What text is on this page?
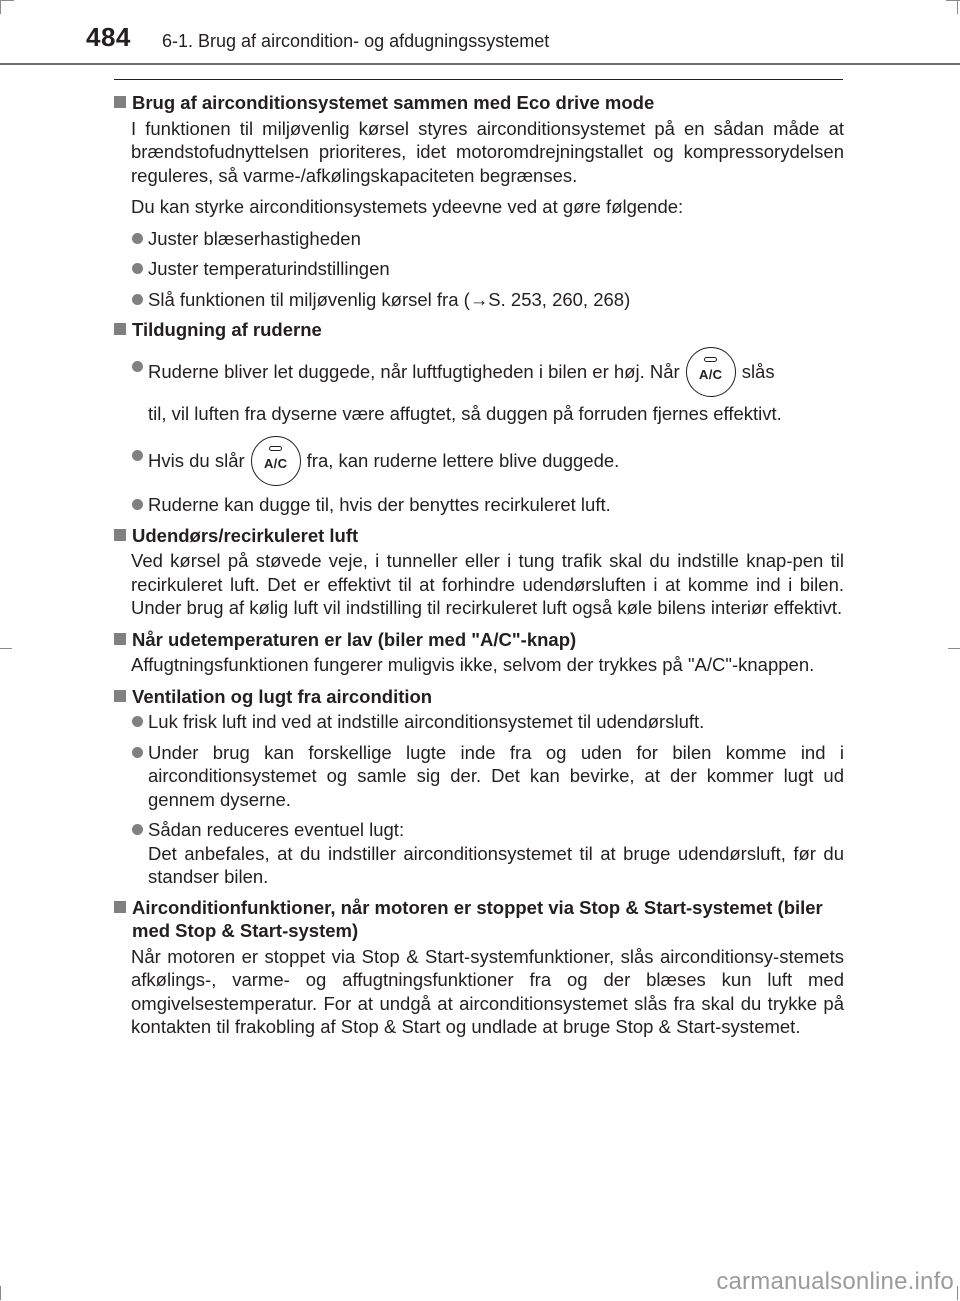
484 6-1. Brug af aircondition- og afdugningssystemet
Brug af airconditionsystemet sammen med Eco drive mode

I funktionen til miljøvenlig kørsel styres airconditionsystemet på en sådan måde at brændstofudnyttelsen prioriteres, idet motoromdrejningstallet og kompressorydelsen reguleres, så varme-/afkølingskapaciteten begrænses.

Du kan styrke airconditionsystemets ydeevne ved at gøre følgende:

Juster blæserhastigheden
Juster temperaturindstillingen
Slå funktionen til miljøvenlig kørsel fra (→S. 253, 260, 268)
Tildugning af ruderne
Ruderne bliver let duggede, når luftfugtigheden i bilen er høj. Når	A/C	slås
til, vil luften fra dyserne være affugtet, så duggen på forruden fjernes effektivt.
Hvis du slår	A/C	fra, kan ruderne lettere blive duggede.
Ruderne kan dugge til, hvis der benyttes recirkuleret luft.
Udendørs/recirkuleret luft

Ved kørsel på støvede veje, i tunneller eller i tung trafik skal du indstille knap-pen til recirkuleret luft. Det er effektivt til at forhindre udendørsluften i at komme ind i bilen. Under brug af kølig luft vil indstilling til recirkuleret luft også køle bilens interiør effektivt.

Når udetemperaturen er lav (biler med "A/C"-knap)

Affugtningsfunktionen fungerer muligvis ikke, selvom der trykkes på "A/C"-knappen.

Ventilation og lugt fra aircondition
Luk frisk luft ind ved at indstille airconditionsystemet til udendørsluft.
Under brug kan forskellige lugte inde fra og uden for bilen komme ind i airconditionsystemet og samle sig der. Det kan bevirke, at der kommer lugt ud gennem dyserne.
Sådan reduceres eventuel lugt:
Det anbefales, at du indstiller airconditionsystemet til at bruge udendørsluft, før du standser bilen.
Airconditionfunktioner, når motoren er stoppet via Stop & Start-systemet (biler med Stop & Start-system)

Når motoren er stoppet via Stop & Start-systemfunktioner, slås airconditionsy-stemets afkølings-, varme- og affugtningsfunktioner fra og der blæses kun luft med omgivelsestemperatur. For at undgå at airconditionsystemet slås fra skal du trykke på kontakten til frakobling af Stop & Start og undlade at bruge Stop & Start-systemet.

carmanualsonline.info
